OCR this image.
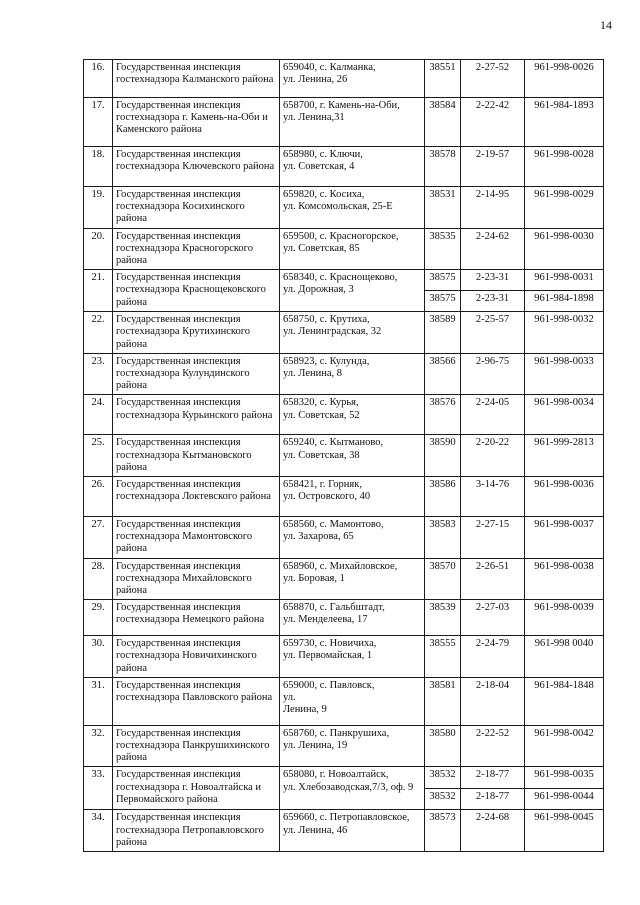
14
16.	Государственная инспекция гостехнадзора Калманского района	659040, с. Калманка,
ул. Ленина, 26	38551	2-27-52	961-998-0026
17.	Государственная инспекция гостехнадзора г. Камень-на-Оби и Каменского района	658700, г. Камень-на-Оби,
ул. Ленина,31	38584	2-22-42	961-984-1893
18.	Государственная инспекция гостехнадзора Ключевского района	658980, с. Ключи,
ул. Советская, 4	38578	2-19-57	961-998-0028
19.	Государственная инспекция гостехнадзора Косихинского района	659820, с. Косиха,
ул. Комсомольская, 25-Е	38531	2-14-95	961-998-0029
20.	Государственная инспекция гостехнадзора Красногорского района	659500, с. Красногорское,
ул. Советская, 85	38535	2-24-62	961-998-0030
21.	Государственная инспекция гостехнадзора Краснощековского района	658340, с. Краснощеково,
ул. Дорожная, 3	38575	2-23-31	961-998-0031
			38575	2-23-31	961-984-1898
22.	Государственная инспекция гостехнадзора Крутихинского района	658750, с. Крутиха,
ул. Ленинградская, 32	38589	2-25-57	961-998-0032
23.	Государственная инспекция гостехнадзора Кулундинского района	658923, с. Кулунда,
ул. Ленина, 8	38566	2-96-75	961-998-0033
24.	Государственная инспекция гостехнадзора Курьинского района	658320, с. Курья,
ул. Советская, 52	38576	2-24-05	961-998-0034
25.	Государственная инспекция гостехнадзора Кытмановского района	659240, с. Кытманово,
ул. Советская, 38	38590	2-20-22	961-999-2813
26.	Государственная инспекция гостехнадзора Локтевского района	658421, г. Горняк,
ул. Островского, 40	38586	3-14-76	961-998-0036
27.	Государственная инспекция гостехнадзора Мамонтовского района	658560, с. Мамонтово,
ул. Захарова, 65	38583	2-27-15	961-998-0037
28.	Государственная инспекция гостехнадзора Михайловского района	658960, с. Михайловское,
ул. Боровая, 1	38570	2-26-51	961-998-0038
29.	Государственная инспекция гостехнадзора Немецкого района	658870, с. Гальбштадт,
ул. Менделеева, 17	38539	2-27-03	961-998-0039
30.	Государственная инспекция гостехнадзора Новичихинского района	659730, с. Новичиха,
ул. Первомайская, 1	38555	2-24-79	961-998 0040
31.	Государственная инспекция гостехнадзора Павловского района	659000, с. Павловск,
ул.
Ленина, 9	38581	2-18-04	961-984-1848
32.	Государственная инспекция гостехнадзора Панкрушихинского района	658760, с. Панкрушиха,
ул. Ленина, 19	38580	2-22-52	961-998-0042
33.	Государственная инспекция гостехнадзора г. Новоалтайска и Первомайского района	658080, г. Новоалтайск,
ул. Хлебозаводская,7/3, оф. 9	38532	2-18-77	961-998-0035
			38532	2-18-77	961-998-0044
34.	Государственная инспекция гостехнадзора Петропавловского района	659660, с. Петропавловское,
ул. Ленина, 46	38573	2-24-68	961-998-0045
